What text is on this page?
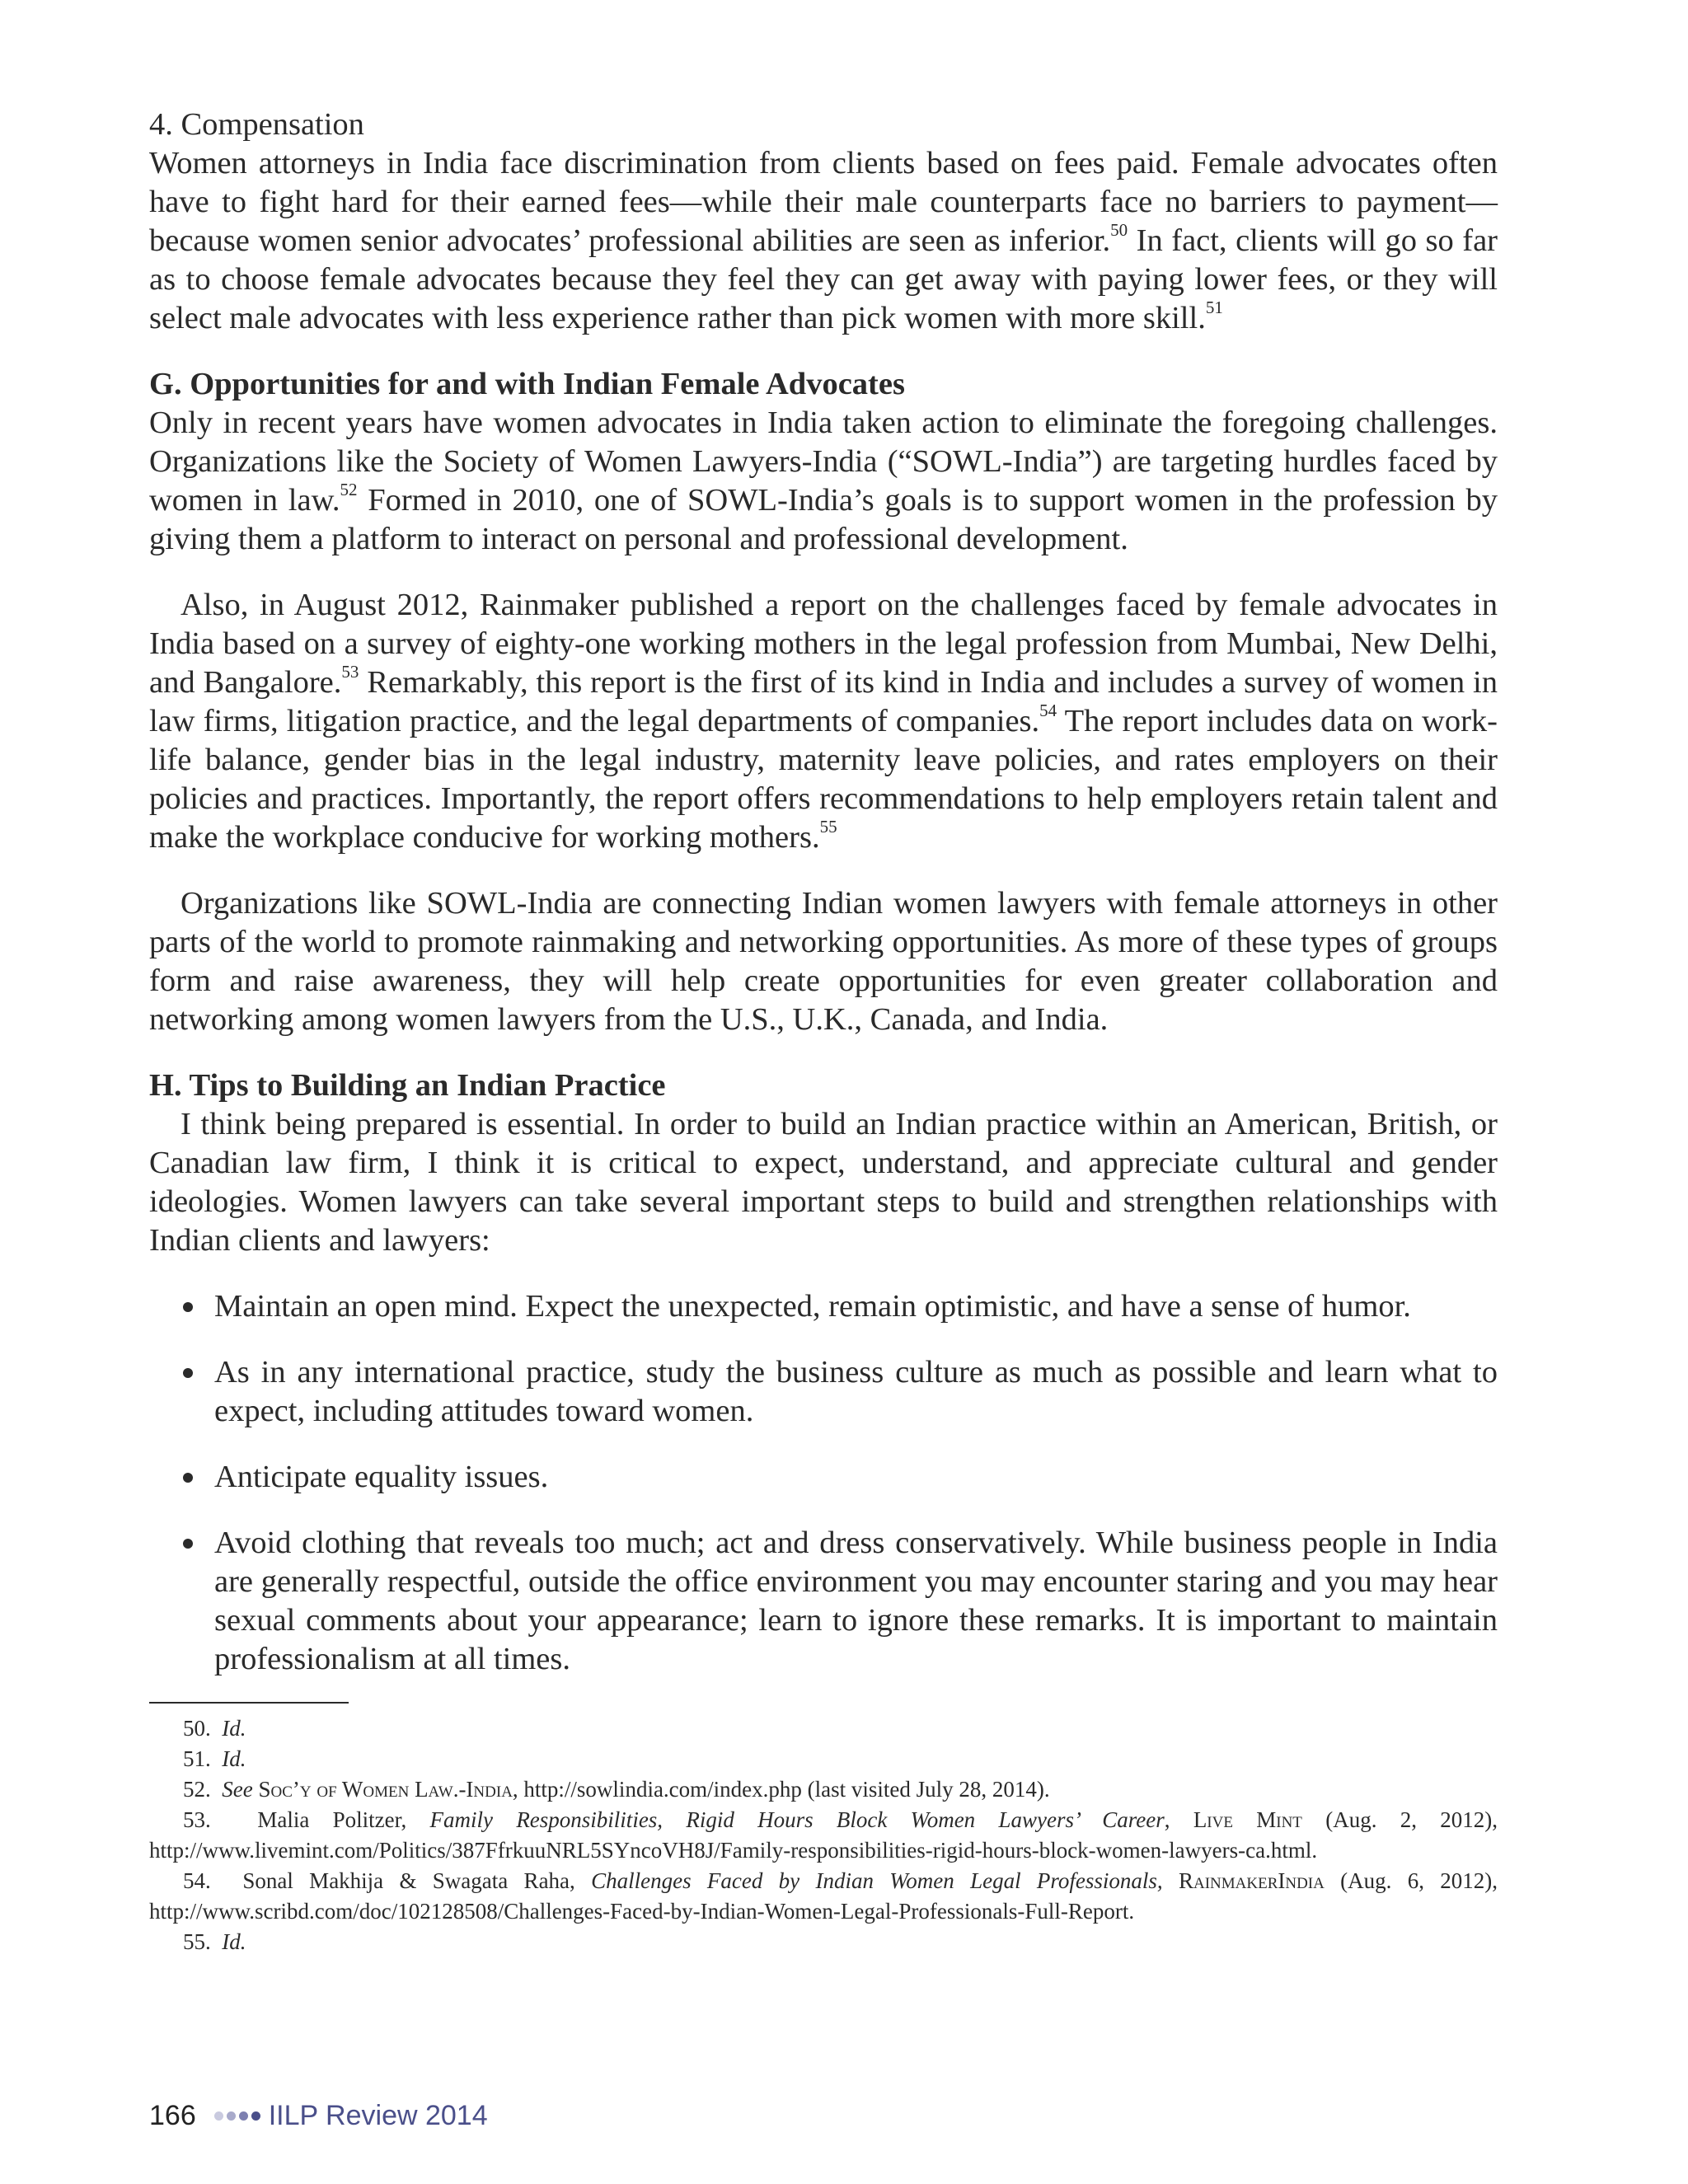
4. Compensation

Women attorneys in India face discrimination from clients based on fees paid. Female advocates often have to fight hard for their earned fees—while their male counterparts face no barriers to payment—because women senior advocates’ professional abilities are seen as inferior.$^{50}$ In fact, clients will go so far as to choose female advocates because they feel they can get away with paying lower fees, or they will select male advocates with less experience rather than pick women with more skill.$^{51}$

G. Opportunities for and with Indian Female Advocates

Only in recent years have women advocates in India taken action to eliminate the foregoing challenges. Organizations like the Society of Women Lawyers-India (“SOWL-India”) are targeting hurdles faced by women in law.$^{52}$ Formed in 2010, one of SOWL-India’s goals is to support women in the profession by giving them a platform to interact on personal and professional development.

Also, in August 2012, Rainmaker published a report on the challenges faced by female advocates in India based on a survey of eighty-one working mothers in the legal profession from Mumbai, New Delhi, and Bangalore.$^{53}$ Remarkably, this report is the first of its kind in India and includes a survey of women in law firms, litigation practice, and the legal departments of companies.$^{54}$ The report includes data on work-life balance, gender bias in the legal industry, maternity leave policies, and rates employers on their policies and practices. Importantly, the report offers recommendations to help employers retain talent and make the workplace conducive for working mothers.$^{55}$

Organizations like SOWL-India are connecting Indian women lawyers with female attorneys in other parts of the world to promote rainmaking and networking opportunities. As more of these types of groups form and raise awareness, they will help create opportunities for even greater collaboration and networking among women lawyers from the U.S., U.K., Canada, and India.

H. Tips to Building an Indian Practice

I think being prepared is essential. In order to build an Indian practice within an American, British, or Canadian law firm, I think it is critical to expect, understand, and appreciate cultural and gender ideologies. Women lawyers can take several important steps to build and strengthen relationships with Indian clients and lawyers:

Maintain an open mind. Expect the unexpected, remain optimistic, and have a sense of humor.
As in any international practice, study the business culture as much as possible and learn what to expect, including attitudes toward women.
Anticipate equality issues.
Avoid clothing that reveals too much; act and dress conservatively. While business people in India are generally respectful, outside the office environment you may encounter staring and you may hear sexual comments about your appearance; learn to ignore these remarks. It is important to maintain professionalism at all times.

50. Id.

51. Id.

52. See Soc’y of Women Law.-India, http://sowlindia.com/index.php (last visited July 28, 2014).

53. Malia Politzer, Family Responsibilities, Rigid Hours Block Women Lawyers’ Career, Live Mint (Aug. 2, 2012), http://www.livemint.com/Politics/387FfrkuuNRL5SYncoVH8J/Family-responsibilities-rigid-hours-block-women-lawyers-ca.html.

54. Sonal Makhija & Swagata Raha, Challenges Faced by Indian Women Legal Professionals, RainmakerIndia (Aug. 6, 2012), http://www.scribd.com/doc/102128508/Challenges-Faced-by-Indian-Women-Legal-Professionals-Full-Report.

55. Id.

166	IILP Review 2014
